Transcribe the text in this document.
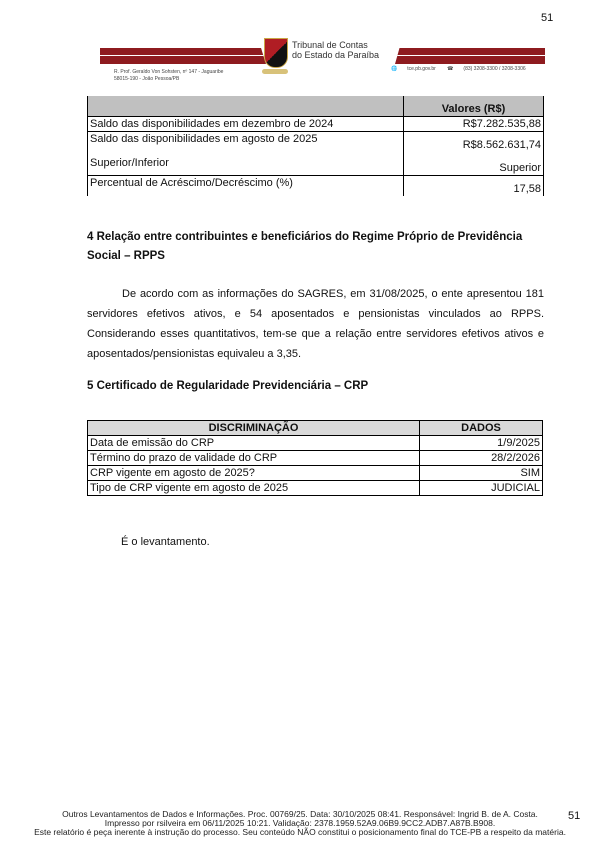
51
Tribunal de Contas
do Estado da Paraíba
R. Prof. Geraldo Von Sohsten, nº 147 - Jaguaribe
58015-190 - João Pessoa/PB
🌐 tce.pb.gov.br ☎ (83) 3208-3300 / 3208-3306
	Valores (R$)
Saldo das disponibilidades em dezembro de 2024	R$7.282.535,88
Saldo das disponibilidades em agosto de 2025	R$8.562.631,74
Superior/Inferior	Superior
Percentual de Acréscimo/Decréscimo (%)	17,58
4 Relação entre contribuintes e beneficiários do Regime Próprio de Previdência Social – RPPS
De acordo com as informações do SAGRES, em 31/08/2025, o ente apresentou 181 servidores efetivos ativos, e 54 aposentados e pensionistas vinculados ao RPPS. Considerando esses quantitativos, tem-se que a relação entre servidores efetivos ativos e aposentados/pensionistas equivaleu a 3,35.
5 Certificado de Regularidade Previdenciária – CRP
DISCRIMINAÇÃO	DADOS
Data de emissão do CRP	1/9/2025
Término do prazo de validade do CRP	28/2/2026
CRP vigente em agosto de 2025?	SIM
Tipo de CRP vigente em agosto de 2025	JUDICIAL
É o levantamento.
Outros Levantamentos de Dados e Informações. Proc. 00769/25. Data: 30/10/2025 08:41. Responsável: Ingrid B. de A. Costa.
Impresso por rsilveira em 06/11/2025 10:21. Validação: 2378.1959.52A9.06B9.9CC2.ADB7.A87B.B908.
Este relatório é peça inerente à instrução do processo. Seu conteúdo NÃO constitui o posicionamento final do TCE-PB a respeito da matéria.
51
